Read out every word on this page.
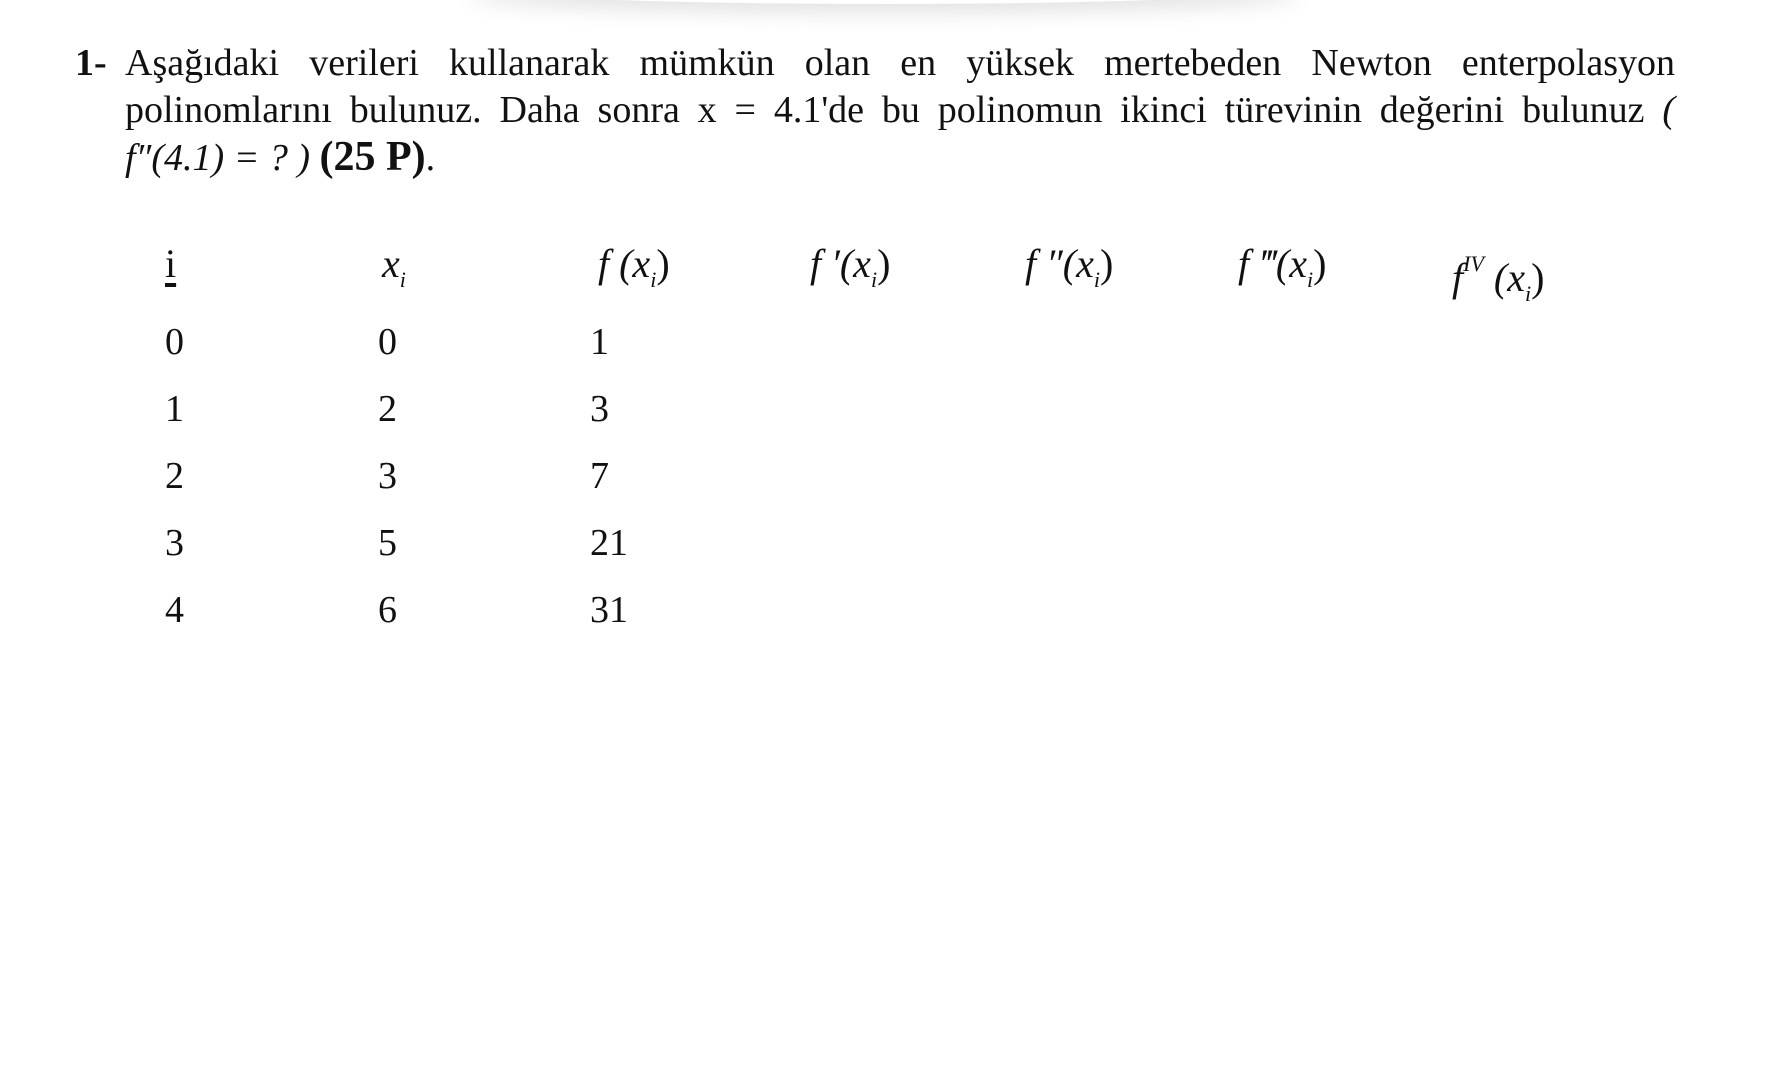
1- Aşağıdaki verileri kullanarak mümkün olan en yüksek mertebeden Newton enterpolasyon polinomlarını bulunuz. Daha sonra x = 4.1'de bu polinomun ikinci türevinin değerini bulunuz ( f″(4.1) = ? ) (25 P).
i	$x_i$	f $(x_i)$	f $'(x_i)$	f $''(x_i)$	f $‴(x_i)$	$f^{IV}$ $(x_i)$
0	0	1
1	2	3
2	3	7
3	5	21
4	6	31
